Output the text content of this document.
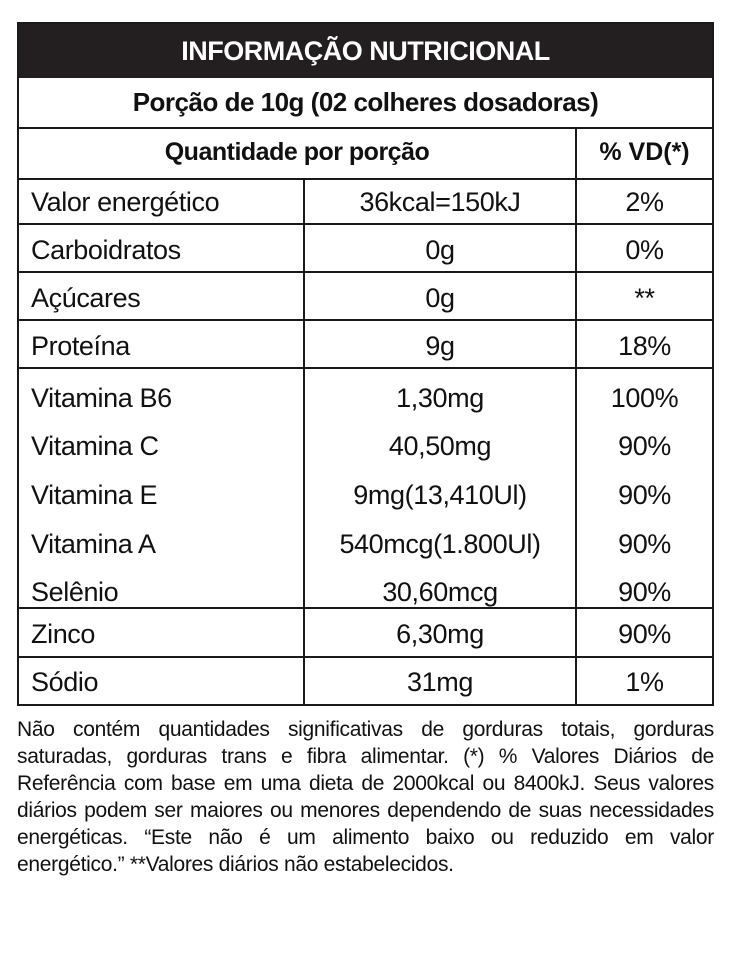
INFORMAÇÃO NUTRICIONAL
Porção de 10g (02 colheres dosadoras)
Quantidade por porção	% VD(*)
Valor energético	36kcal=150kJ	2%
Carboidratos	0g	0%
Açúcares	0g	**
Proteína	9g	18%
Vitamina B6	1,30mg	100%
Vitamina C	40,50mg	90%
Vitamina E	9mg(13,410Ul)	90%
Vitamina A	540mcg(1.800Ul)	90%
Selênio	30,60mcg	90%
Zinco	6,30mg	90%
Sódio	31mg	1%
Não contém quantidades significativas de gorduras totais, gorduras saturadas, gorduras trans e fibra alimentar. (*) % Valores Diários de Referência com base em uma dieta de 2000kcal ou 8400kJ. Seus valores diários podem ser maiores ou menores dependendo de suas necessidades energéticas. “Este não é um alimento baixo ou reduzido em valor energético.” **Valores diários não estabelecidos.
